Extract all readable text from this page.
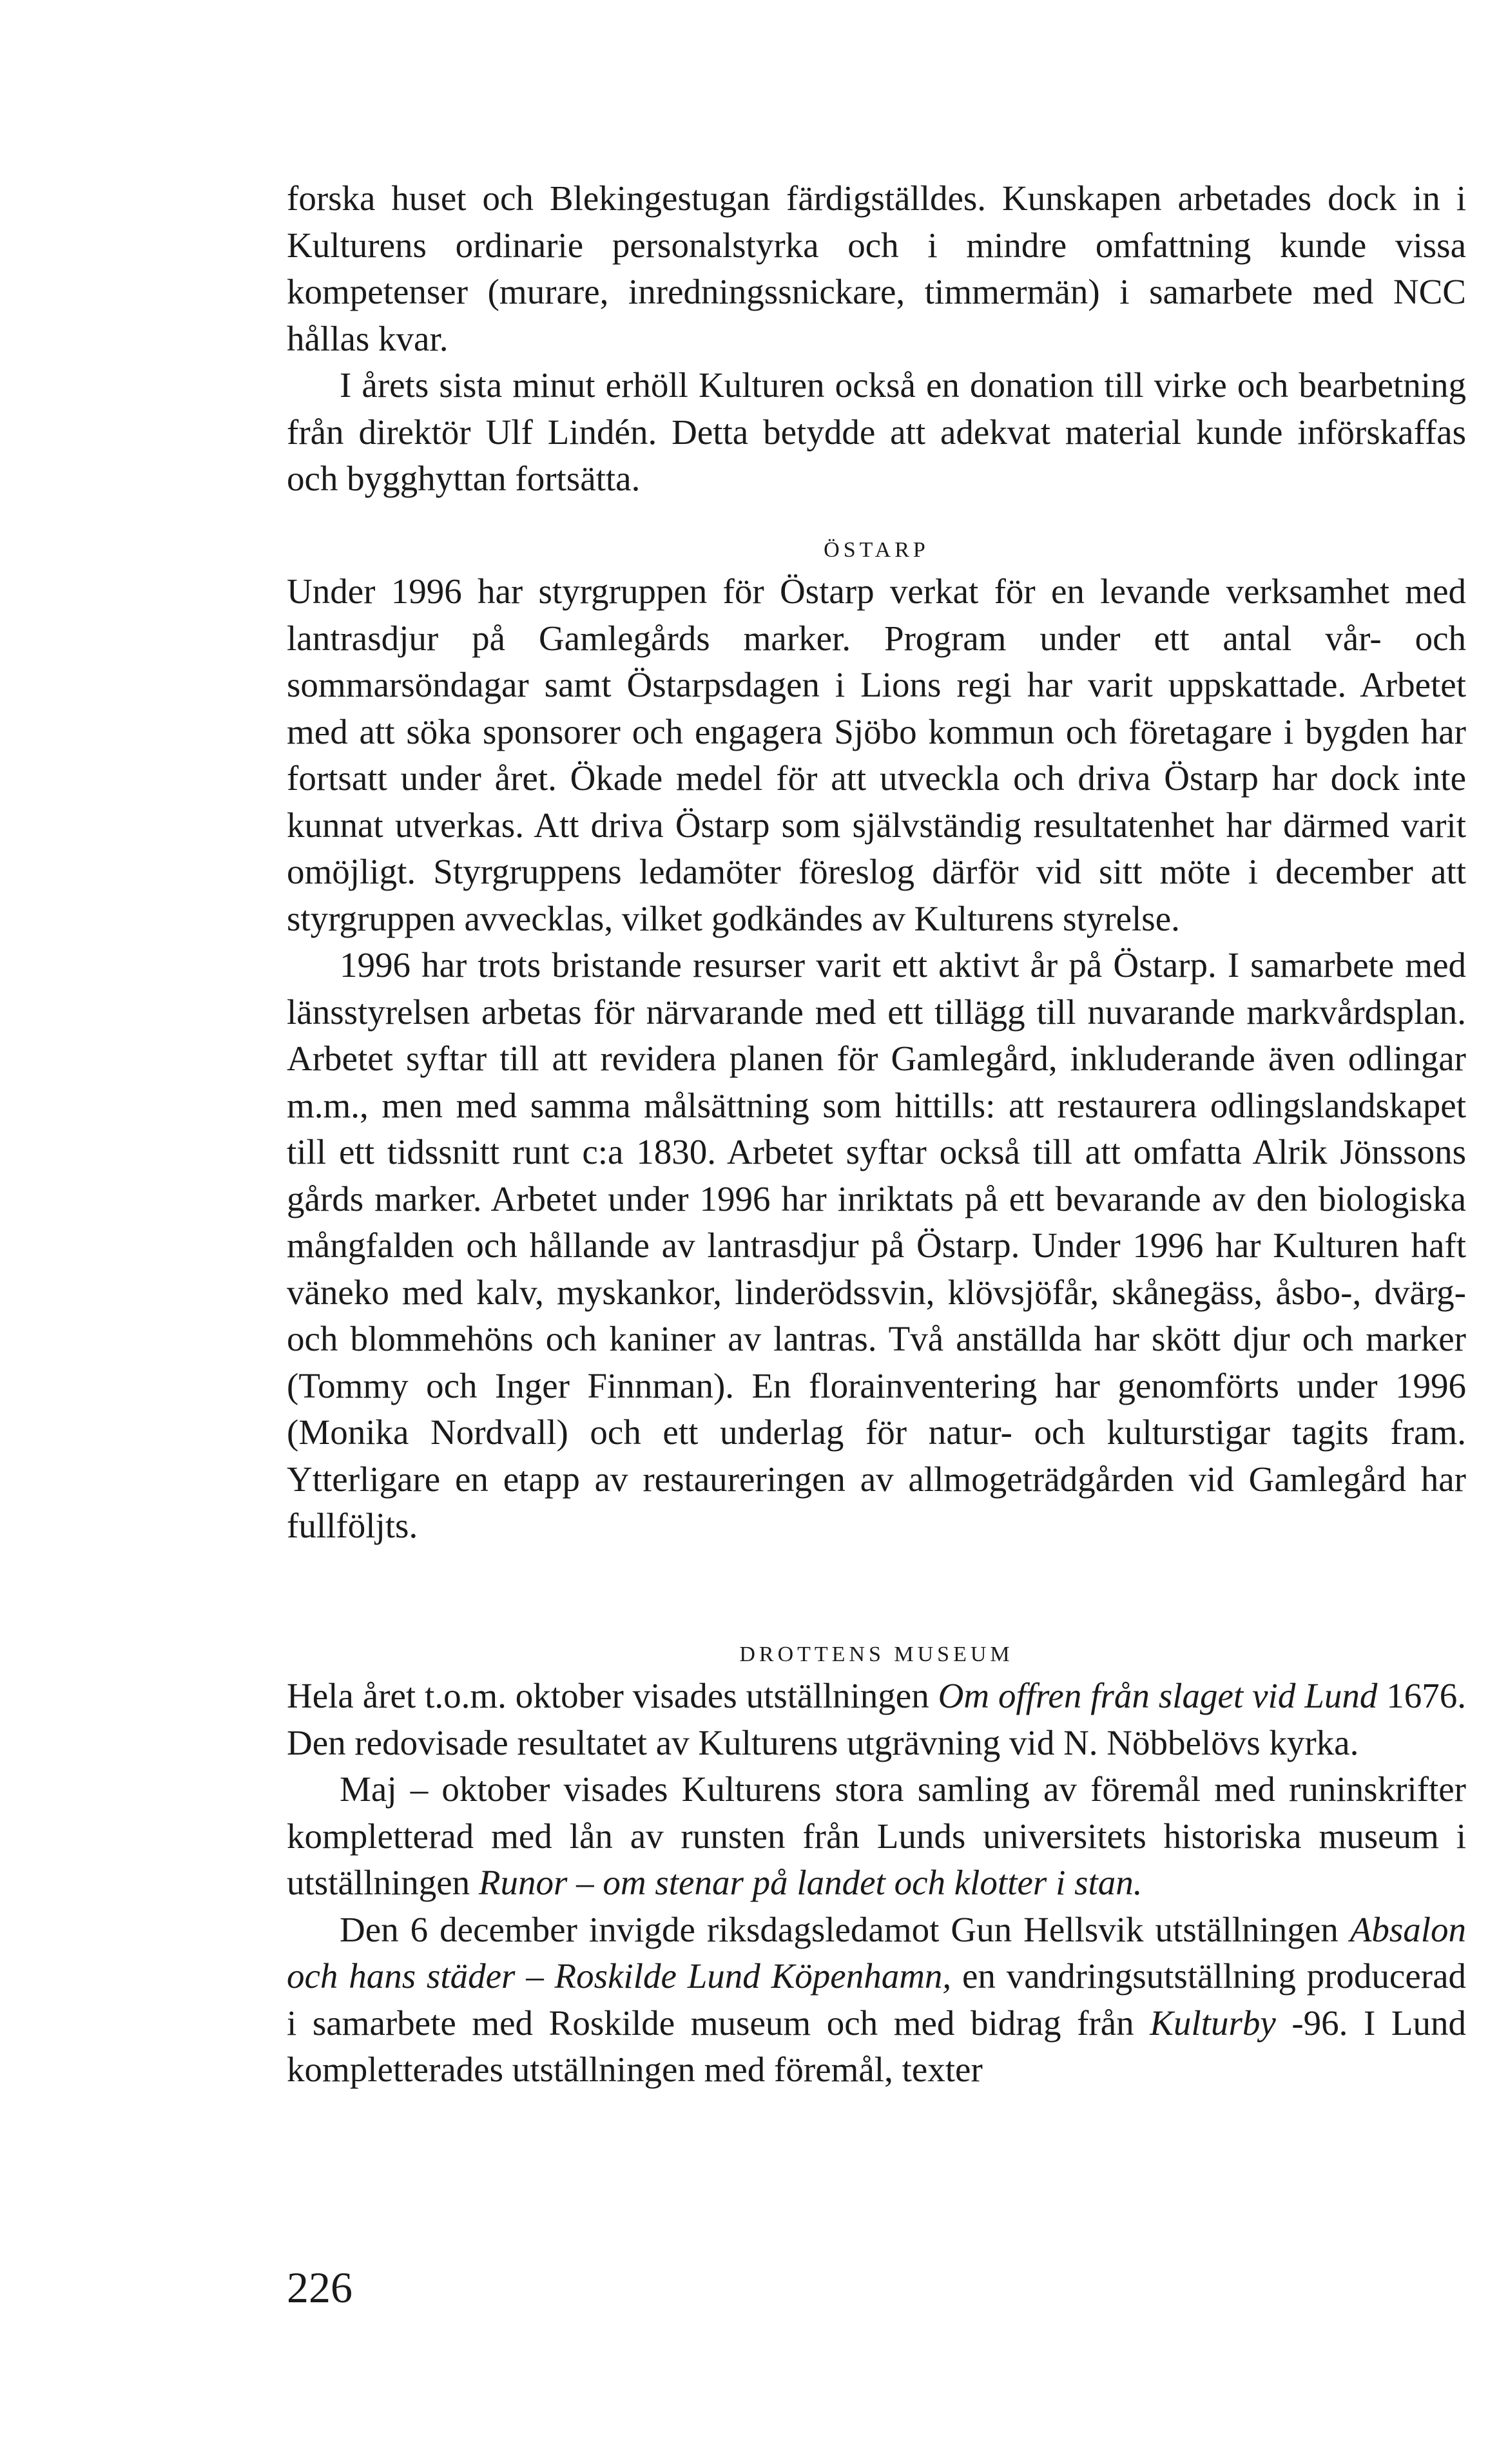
forska huset och Blekingestugan färdigställdes. Kunskapen arbetades dock in i Kulturens ordinarie personalstyrka och i mindre omfattning kunde vissa kompetenser (murare, inredningssnickare, timmermän) i samarbete med NCC hållas kvar.

I årets sista minut erhöll Kulturen också en donation till virke och bearbetning från direktör Ulf Lindén. Detta betydde att adekvat material kunde införskaffas och bygghyttan fortsätta.

ÖSTARP

Under 1996 har styrgruppen för Östarp verkat för en levande verksamhet med lantrasdjur på Gamlegårds marker. Program under ett antal vår- och sommarsöndagar samt Östarpsdagen i Lions regi har varit uppskattade. Arbetet med att söka sponsorer och engagera Sjöbo kommun och företagare i bygden har fortsatt under året. Ökade medel för att utveckla och driva Östarp har dock inte kunnat utverkas. Att driva Östarp som självständig resultatenhet har därmed varit omöjligt. Styrgruppens ledamöter föreslog därför vid sitt möte i december att styrgruppen avvecklas, vilket godkändes av Kulturens styrelse.

1996 har trots bristande resurser varit ett aktivt år på Östarp. I samarbete med länsstyrelsen arbetas för närvarande med ett tillägg till nuvarande markvårdsplan. Arbetet syftar till att revidera planen för Gamlegård, inkluderande även odlingar m.m., men med samma målsättning som hittills: att restaurera odlingslandskapet till ett tidssnitt runt c:a 1830. Arbetet syftar också till att omfatta Alrik Jönssons gårds marker. Arbetet under 1996 har inriktats på ett bevarande av den biologiska mångfalden och hållande av lantrasdjur på Östarp. Under 1996 har Kulturen haft väneko med kalv, myskankor, linderödssvin, klövsjöfår, skånegäss, åsbo-, dvärg- och blommehöns och kaniner av lantras. Två anställda har skött djur och marker (Tommy och Inger Finnman). En florainventering har genomförts under 1996 (Monika Nordvall) och ett underlag för natur- och kulturstigar tagits fram. Ytterligare en etapp av restaureringen av allmogeträdgården vid Gamlegård har fullföljts.

DROTTENS MUSEUM

Hela året t.o.m. oktober visades utställningen Om offren från slaget vid Lund 1676. Den redovisade resultatet av Kulturens utgrävning vid N. Nöbbelövs kyrka.

Maj – oktober visades Kulturens stora samling av föremål med runinskrifter kompletterad med lån av runsten från Lunds universitets historiska museum i utställningen Runor – om stenar på landet och klotter i stan.

Den 6 december invigde riksdagsledamot Gun Hellsvik utställningen Absalon och hans städer – Roskilde Lund Köpenhamn, en vandringsutställning producerad i samarbete med Roskilde museum och med bidrag från Kulturby -96. I Lund kompletterades utställningen med föremål, texter

226
